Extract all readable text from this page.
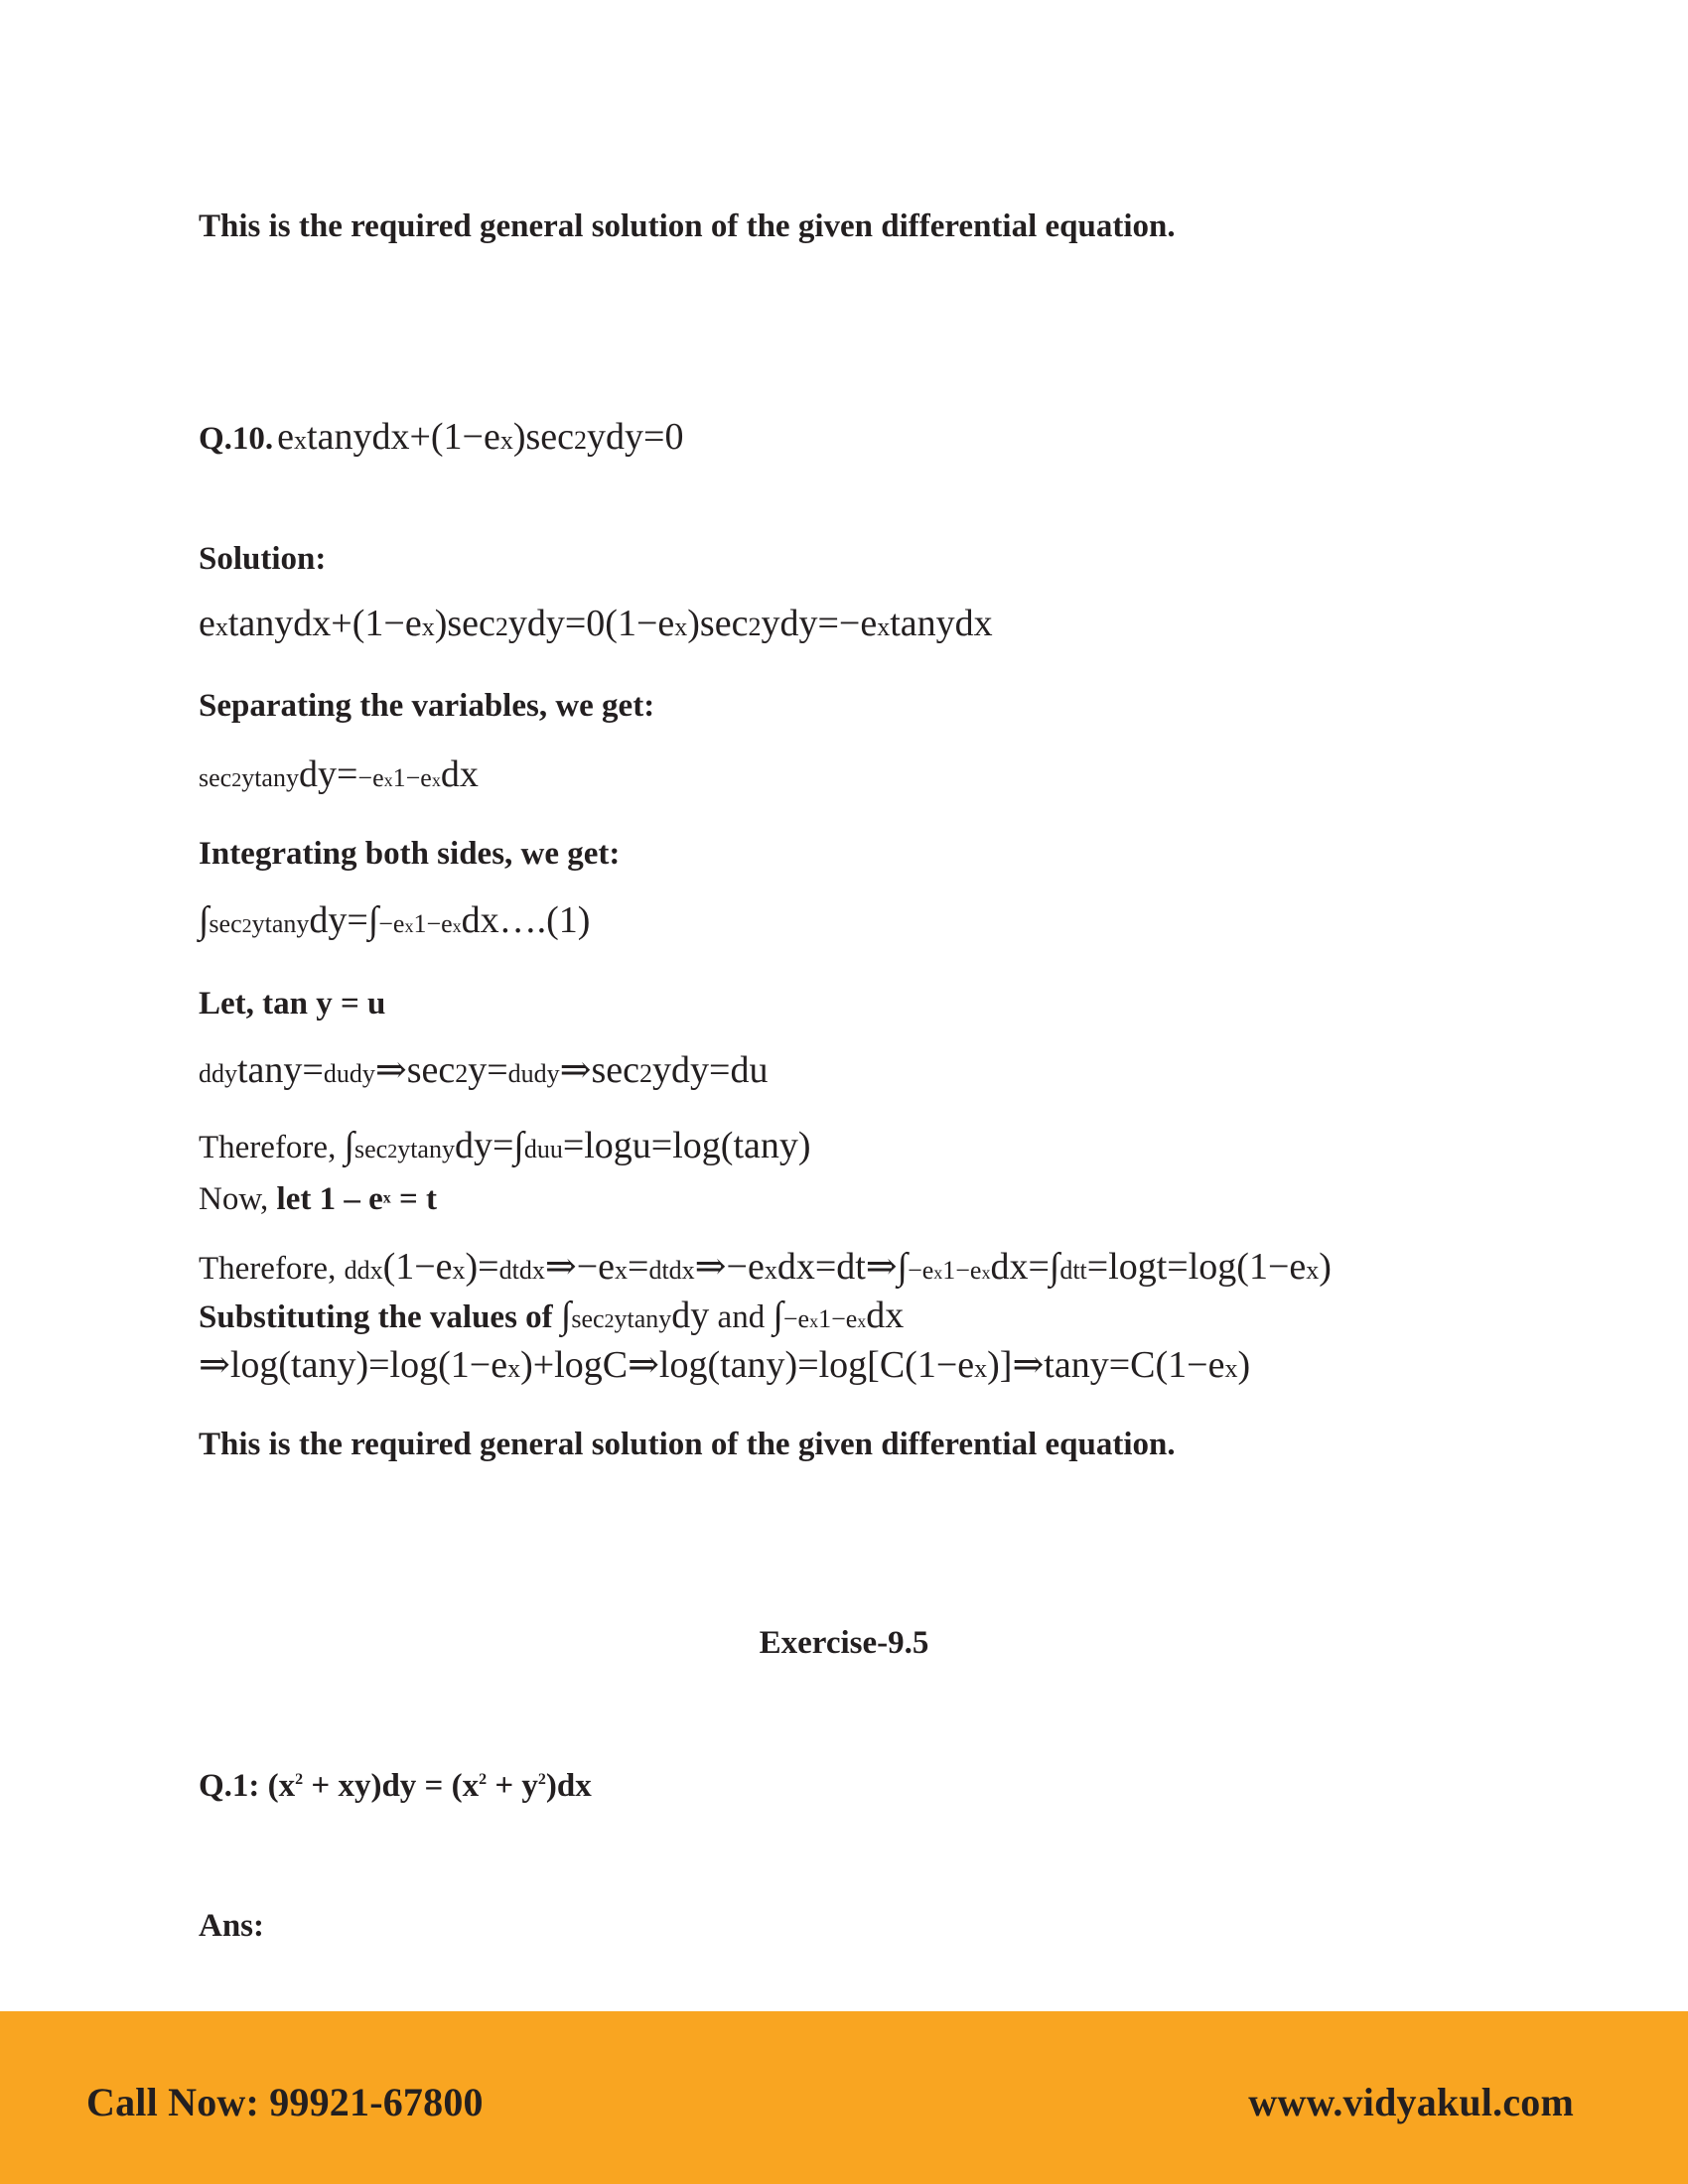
This is the required general solution of the given differential equation.
Q.10. extanydx+(1−ex)sec2ydy=0
Solution:
extanydx+(1−ex)sec2ydy=0(1−ex)sec2ydy=−extanydx
Separating the variables, we get:
sec2ytanydy=−ex1−exdx
Integrating both sides, we get:
∫sec2ytanydy=∫−ex1−exdx….(1)
Let, tan y = u
ddytany=dudy⇒sec2y=dudy⇒sec2ydy=du
Therefore, ∫sec2ytanydy=∫duu=logu=log(tany)
Now, let $1 - e^x = t$
Therefore, ddx(1−ex)=dtdx⇒−ex=dtdx⇒−exdx=dt⇒∫−ex1−exdx=∫dtt=logt=log(1−ex)
Substituting the values of ∫sec2ytanydy and ∫−ex1−exdx
⇒log(tany)=log(1−ex)+logC⇒log(tany)=log[C(1−ex)]⇒tany=C(1−ex)
This is the required general solution of the given differential equation.
Exercise-9.5
Q.1: $(x^2 + xy)dy = (x^2 + y^2)dx$
Ans:
Call Now: 99921-67800	www.vidyakul.com
